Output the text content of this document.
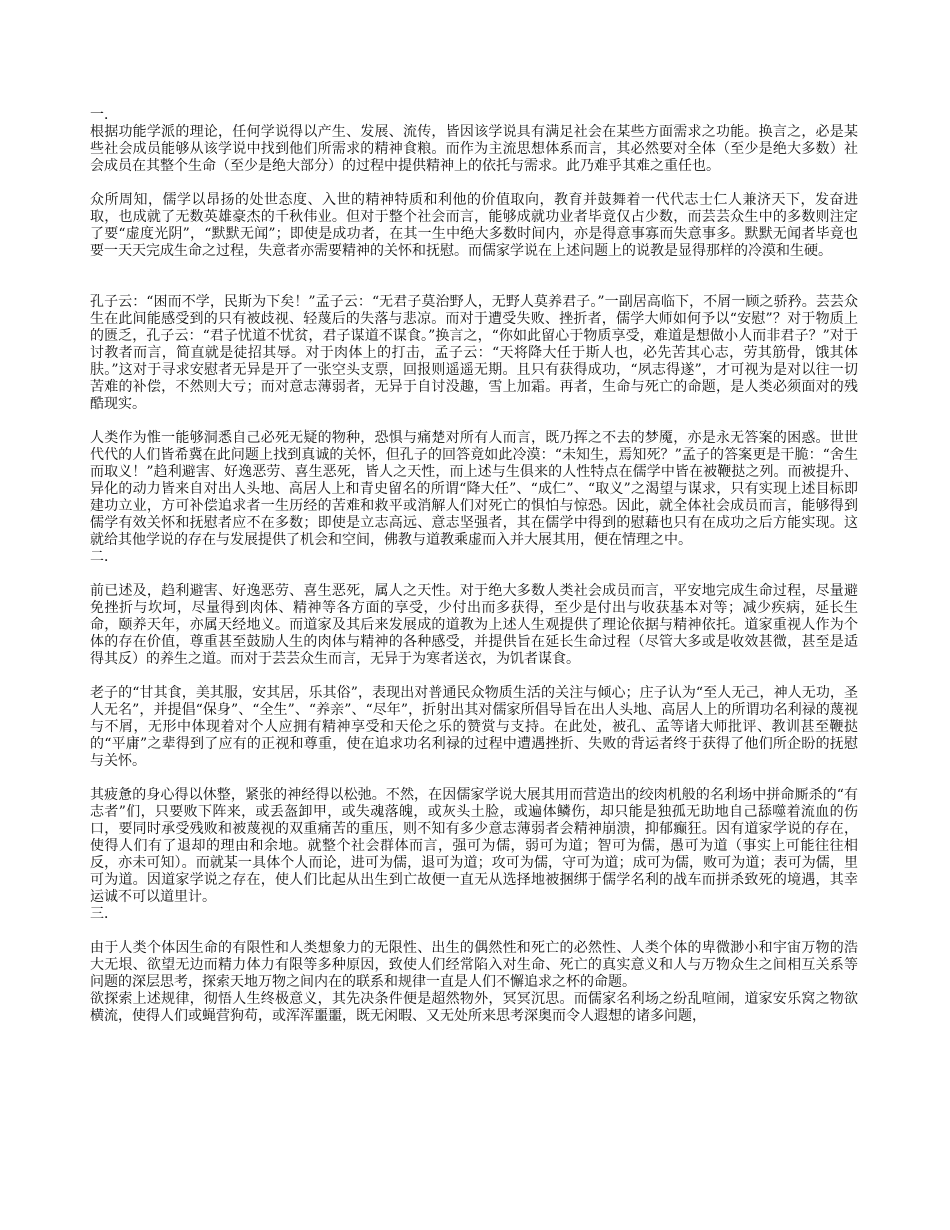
一．

根据功能学派的理论，任何学说得以产生、发展、流传，皆因该学说具有满足社会在某些方面需求之功能。换言之，必是某些社会成员能够从该学说中找到他们所需求的精神食粮。而作为主流思想体系而言，其必然要对全体（至少是绝大多数）社会成员在其整个生命（至少是绝大部分）的过程中提供精神上的依托与需求。此乃难乎其难之重任也。

众所周知，儒学以昂扬的处世态度、入世的精神特质和利他的价值取向，教育并鼓舞着一代代志士仁人兼济天下，发奋进取，也成就了无数英雄豪杰的千秋伟业。但对于整个社会而言，能够成就功业者毕竟仅占少数，而芸芸众生中的多数则注定了要“虚度光阴”，“默默无闻”；即使是成功者，在其一生中绝大多数时间内，亦是得意事寡而失意事多。默默无闻者毕竟也要一天天完成生命之过程，失意者亦需要精神的关怀和抚慰。而儒家学说在上述问题上的说教是显得那样的冷漠和生硬。

孔子云：“困而不学，民斯为下矣！”孟子云：“无君子莫治野人，无野人莫养君子。”一副居高临下，不屑一顾之骄矜。芸芸众生在此间能感受到的只有被歧视、轻蔑后的失落与悲凉。而对于遭受失败、挫折者，儒学大师如何予以“安慰”？对于物质上的匮乏，孔子云：“君子忧道不忧贫，君子谋道不谋食。”换言之，“你如此留心于物质享受，难道是想做小人而非君子？”对于讨教者而言，简直就是徒招其辱。对于肉体上的打击，孟子云：“天将降大任于斯人也，必先苦其心志，劳其筋骨，饿其体肤。”这对于寻求安慰者无异是开了一张空头支票，回报则遥遥无期。且只有获得成功，“夙志得遂”，才可视为是对以往一切苦难的补偿，不然则大亏；而对意志薄弱者，无异于自讨没趣，雪上加霜。再者，生命与死亡的命题，是人类必须面对的残酷现实。

人类作为惟一能够洞悉自己必死无疑的物种，恐惧与痛楚对所有人而言，既乃挥之不去的梦魇，亦是永无答案的困惑。世世代代的人们皆希冀在此问题上找到真诚的关怀，但孔子的回答竟如此冷漠：“未知生，焉知死？”孟子的答案更是干脆：“舍生而取义！”趋利避害、好逸恶劳、喜生恶死，皆人之天性，而上述与生俱来的人性特点在儒学中皆在被鞭挞之列。而被提升、异化的动力皆来自对出人头地、高居人上和青史留名的所谓“降大任”、“成仁”、“取义”之渴望与谋求，只有实现上述目标即建功立业，方可补偿追求者一生历经的苦难和救平或消解人们对死亡的惧怕与惊恐。因此，就全体社会成员而言，能够得到儒学有效关怀和抚慰者应不在多数；即使是立志高远、意志坚强者，其在儒学中得到的慰藉也只有在成功之后方能实现。这就给其他学说的存在与发展提供了机会和空间，佛教与道教乘虚而入并大展其用，便在情理之中。

二．

前已述及，趋利避害、好逸恶劳、喜生恶死，属人之天性。对于绝大多数人类社会成员而言，平安地完成生命过程，尽量避免挫折与坎坷，尽量得到肉体、精神等各方面的享受，少付出而多获得，至少是付出与收获基本对等；减少疾病，延长生命，颐养天年，亦属天经地义。而道家及其后来发展成的道教为上述人生观提供了理论依据与精神依托。道家重视人作为个体的存在价值，尊重甚至鼓励人生的肉体与精神的各种感受，并提供旨在延长生命过程（尽管大多或是收效甚微，甚至是适得其反）的养生之道。而对于芸芸众生而言，无异于为寒者送衣，为饥者谋食。

老子的“甘其食，美其服，安其居，乐其俗”，表现出对普通民众物质生活的关注与倾心；庄子认为“至人无己，神人无功，圣人无名”，并提倡“保身”、“全生”、“养亲”、“尽年”，折射出其对儒家所倡导旨在出人头地、高居人上的所谓功名利禄的蔑视与不屑，无形中体现着对个人应拥有精神享受和天伦之乐的赞赏与支持。在此处，被孔、孟等诸大师批评、教训甚至鞭挞的“平庸”之辈得到了应有的正视和尊重，使在追求功名利禄的过程中遭遇挫折、失败的背运者终于获得了他们所企盼的抚慰与关怀。

其疲惫的身心得以休整，紧张的神经得以松弛。不然，在因儒家学说大展其用而营造出的绞肉机般的名利场中拼命厮杀的“有志者”们，只要败下阵来，或丢盔卸甲，或失魂落魄，或灰头土脸，或遍体鳞伤，却只能是独孤无助地自己舔噬着流血的伤口，要同时承受残败和被蔑视的双重痛苦的重压，则不知有多少意志薄弱者会精神崩溃，抑郁癫狂。因有道家学说的存在，使得人们有了退却的理由和余地。就整个社会群体而言，强可为儒，弱可为道；智可为儒，愚可为道（事实上可能往往相反，亦未可知）。而就某一具体个人而论，进可为儒，退可为道；攻可为儒，守可为道；成可为儒，败可为道；表可为儒，里可为道。因道家学说之存在，使人们比起从出生到亡故便一直无从选择地被捆绑于儒学名利的战车而拼杀致死的境遇，其幸运诚不可以道里计。

三．

由于人类个体因生命的有限性和人类想象力的无限性、出生的偶然性和死亡的必然性、人类个体的卑微渺小和宇宙万物的浩大无垠、欲望无边而精力体力有限等多种原因，致使人们经常陷入对生命、死亡的真实意义和人与万物众生之间相互关系等问题的深层思考，探索天地万物之间内在的联系和规律一直是人们不懈追求之杯的命题。

欲探索上述规律，彻悟人生终极意义，其先决条件便是超然物外，冥冥沉思。而儒家名利场之纷乱喧闹，道家安乐窝之物欲横流，使得人们或蝇营狗苟，或浑浑噩噩，既无闲暇、又无处所来思考深奥而令人遐想的诸多问题，
